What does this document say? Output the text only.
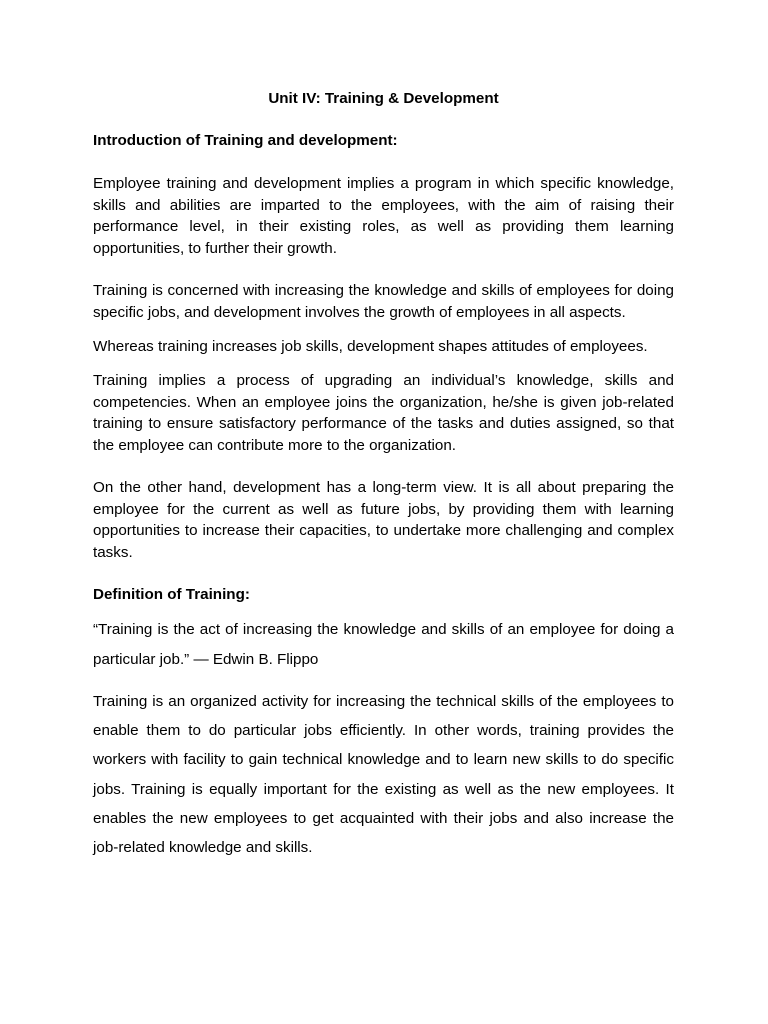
Unit IV: Training & Development
Introduction of Training and development:

Employee training and development implies a program in which specific knowledge, skills and abilities are imparted to the employees, with the aim of raising their performance level, in their existing roles, as well as providing them learning opportunities, to further their growth.

Training is concerned with increasing the knowledge and skills of employees for doing specific jobs, and development involves the growth of employees in all aspects.

Whereas training increases job skills, development shapes attitudes of employees.

Training implies a process of upgrading an individual’s knowledge, skills and competencies. When an employee joins the organization, he/she is given job-related training to ensure satisfactory performance of the tasks and duties assigned, so that the employee can contribute more to the organization.

On the other hand, development has a long-term view. It is all about preparing the employee for the current as well as future jobs, by providing them with learning opportunities to increase their capacities, to undertake more challenging and complex tasks.

Definition of Training:

“Training is the act of increasing the knowledge and skills of an employee for doing a particular job.” — Edwin B. Flippo

Training is an organized activity for increasing the technical skills of the employees to enable them to do particular jobs efficiently. In other words, training provides the workers with facility to gain technical knowledge and to learn new skills to do specific jobs. Training is equally important for the existing as well as the new employees. It enables the new employees to get acquainted with their jobs and also increase the job-related knowledge and skills.
